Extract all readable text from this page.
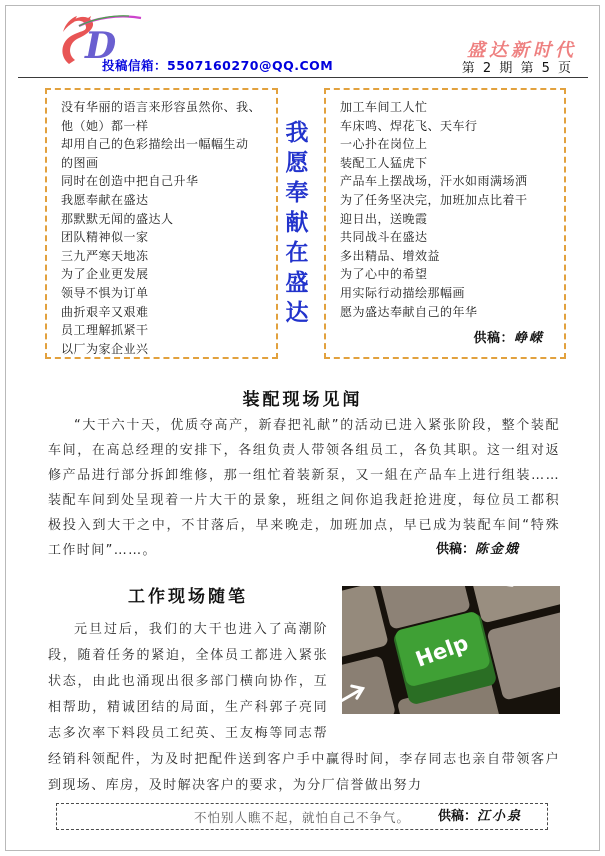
D
投稿信箱：5507160270@QQ.COM
盛达新时代
第 2 期 第 5 页
没有华丽的语言来形容虽然你、我、
他（她）都一样
却用自己的色彩描绘出一幅幅生动
的图画
同时在创造中把自己升华
我愿奉献在盛达
那默默无闻的盛达人
团队精神似一家
三九严寒天地冻
为了企业更发展
领导不惧为订单
曲折艰辛又艰难
员工理解抓紧干
以厂为家企业兴
我愿奉献在盛达
加工车间工人忙
车床鸣、焊花飞、天车行
一心扑在岗位上
装配工人猛虎下
产品车上摆战场，汗水如雨满场洒
为了任务坚决完，加班加点比着干
迎日出，送晚霞
共同战斗在盛达
多出精品、增效益
为了心中的希望
用实际行动描绘那幅画
愿为盛达奉献自己的年华
供稿：峥嵘
装配现场见闻
“大干六十天，优质夺高产，新春把礼献”的活动已进入紧张阶段，整个装配车间，在高总经理的安排下，各组负责人带领各组员工，各负其职。这一组对返修产品进行部分拆卸维修，那一组忙着装新泵，又一組在产品车上进行组装……装配车间到处呈现着一片大干的景象，班组之间你追我赶抢进度，每位员工都积极投入到大干之中，不甘落后，早来晚走，加班加点，早已成为装配车间“特殊工作时间”……。	供稿：陈金娥
Help
工作现场随笔
元旦过后，我们的大干也进入了高潮阶段，随着任务的紧迫，全体员工都进入紧张状态，由此也涌现出很多部门横向协作，互相帮助，精诚团结的局面，生产科郭子亮同志多次率下料段员工纪英、王友梅等同志帮经销科领配件，为及时把配件送到客户手中赢得时间，李存同志也亲自带领客户到现场、库房，及时解决客户的要求，为分厂信誉做出努力
供稿：江小泉
不怕别人瞧不起，就怕自己不争气。
